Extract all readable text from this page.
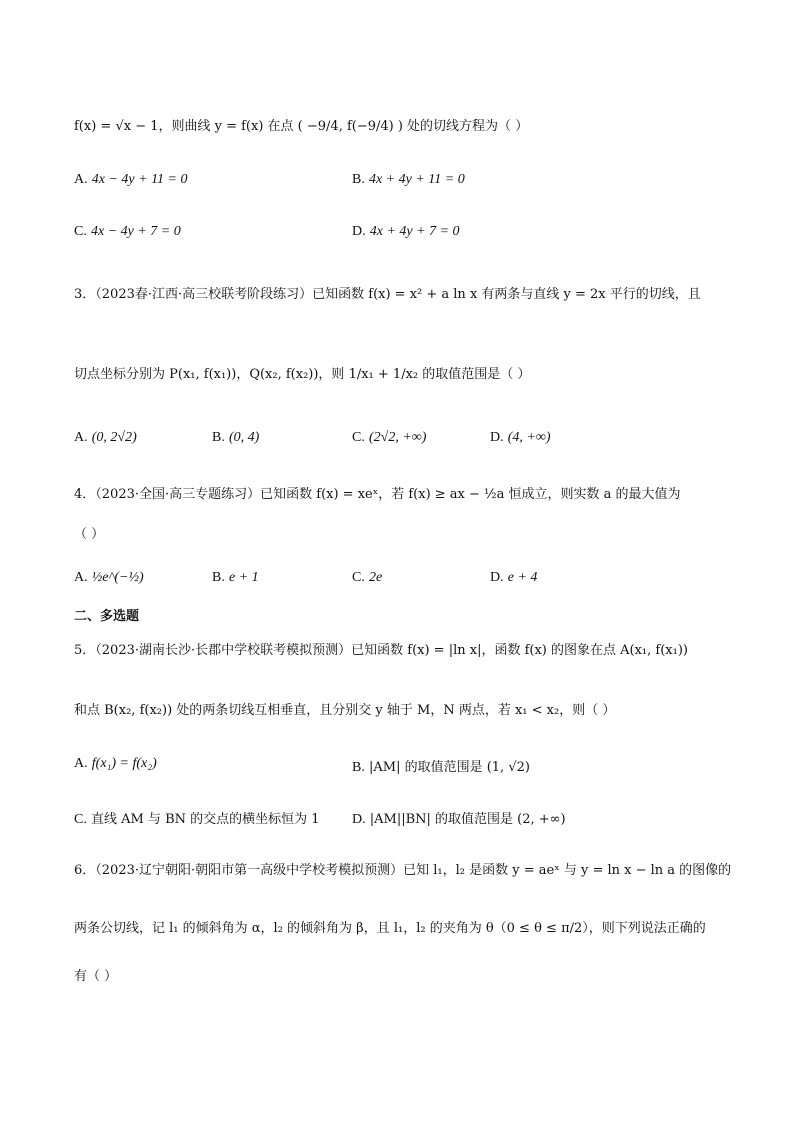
f(x) = √x − 1，则曲线 y = f(x) 在点 ( −9/4, f(−9/4) ) 处的切线方程为（ ）
A. 4x − 4y + 11 = 0	B. 4x + 4y + 11 = 0
C. 4x − 4y + 7 = 0	D. 4x + 4y + 7 = 0
3．（2023春·江西·高三校联考阶段练习）已知函数 f(x) = x² + a ln x 有两条与直线 y = 2x 平行的切线，且
切点坐标分别为 P(x₁, f(x₁))，Q(x₂, f(x₂))，则 1/x₁ + 1/x₂ 的取值范围是（ ）
A. (0, 2√2)	B. (0, 4)	C. (2√2, +∞)	D. (4, +∞)
4．（2023·全国·高三专题练习）已知函数 f(x) = xeˣ，若 f(x) ≥ ax − ½a 恒成立，则实数 a 的最大值为
（ ）
A. ½e^(−½)	B. e + 1	C. 2e	D. e + 4
二、多选题
5．（2023·湖南长沙·长郡中学校联考模拟预测）已知函数 f(x) = |ln x|，函数 f(x) 的图象在点 A(x₁, f(x₁))
和点 B(x₂, f(x₂)) 处的两条切线互相垂直，且分别交 y 轴于 M，N 两点，若 x₁ < x₂，则（ ）
A. f(x₁) = f(x₂)	B. |AM| 的取值范围是 (1, √2)
C. 直线 AM 与 BN 的交点的横坐标恒为 1 D. |AM||BN| 的取值范围是 (2, +∞)
6．（2023·辽宁朝阳·朝阳市第一高级中学校考模拟预测）已知 l₁，l₂ 是函数 y = aeˣ 与 y = ln x − ln a 的图像的
两条公切线，记 l₁ 的倾斜角为 α，l₂ 的倾斜角为 β，且 l₁，l₂ 的夹角为 θ（0 ≤ θ ≤ π/2），则下列说法正确的
有（ ）
